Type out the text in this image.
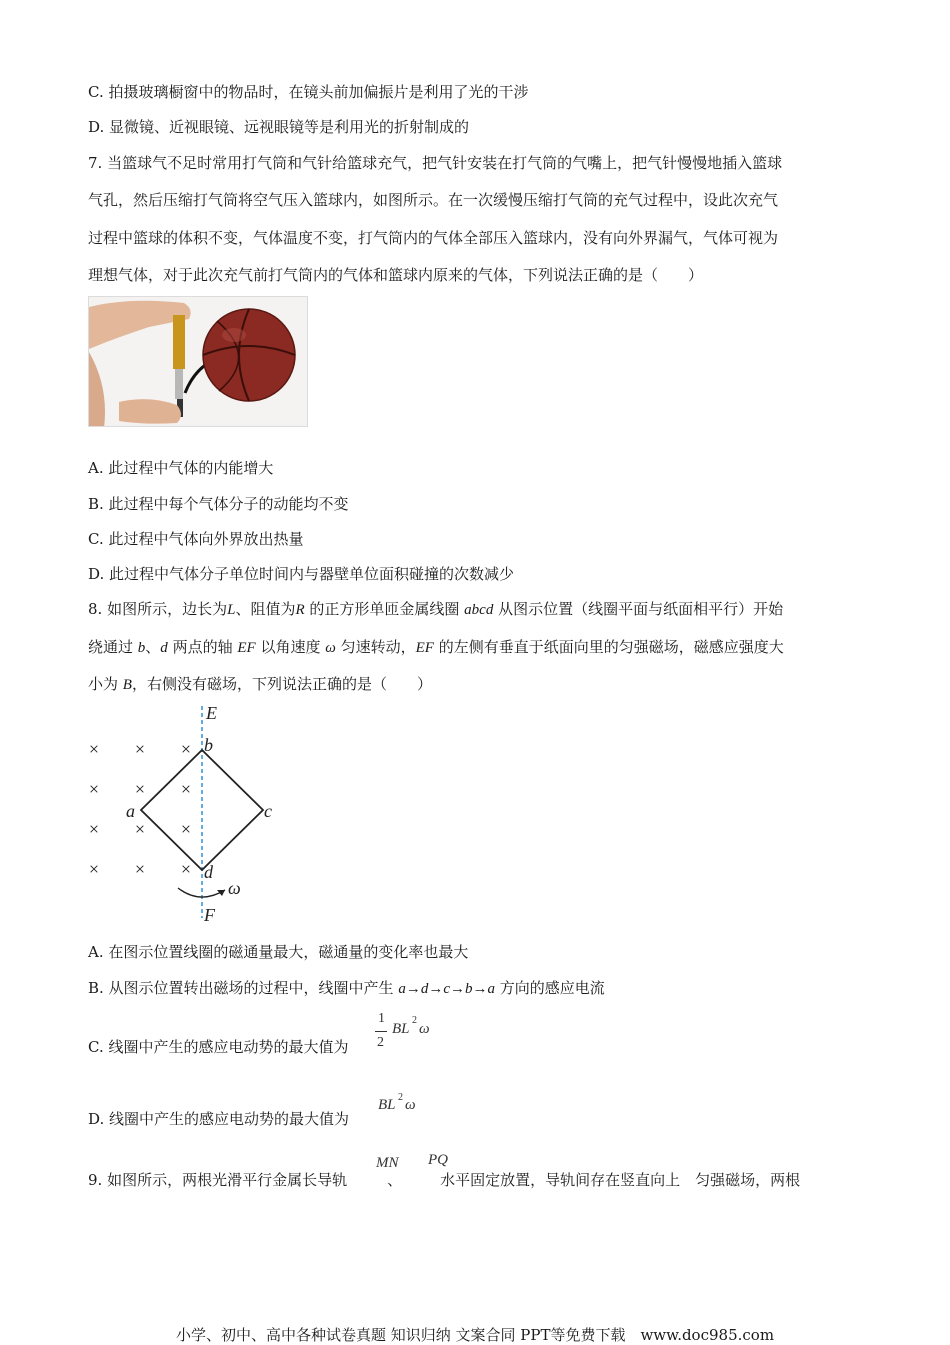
C. 拍摄玻璃橱窗中的物品时，在镜头前加偏振片是利用了光的干涉
D. 显微镜、近视眼镜、远视眼镜等是利用光的折射制成的
7. 当篮球气不足时常用打气筒和气针给篮球充气，把气针安装在打气筒的气嘴上，把气针慢慢地插入篮球
气孔，然后压缩打气筒将空气压入篮球内，如图所示。在一次缓慢压缩打气筒的充气过程中，设此次充气
过程中篮球的体积不变，气体温度不变，打气筒内的气体全部压入篮球内，没有向外界漏气，气体可视为
理想气体，对于此次充气前打气筒内的气体和篮球内原来的气体，下列说法正确的是（　　）
A. 此过程中气体的内能增大
B. 此过程中每个气体分子的动能均不变
C. 此过程中气体向外界放出热量
D. 此过程中气体分子单位时间内与器壁单位面积碰撞的次数减少
8. 如图所示，边长为L、阻值为R 的正方形单匝金属线圈 abcd 从图示位置（线圈平面与纸面相平行）开始
绕通过 b、d 两点的轴 EF 以角速度 ω 匀速转动，EF 的左侧有垂直于纸面向里的匀强磁场，磁感应强度大
小为 B，右侧没有磁场，下列说法正确的是（　　）
× × ×
× × ×
× × ×
× × ×
E
b
a	c
d
ω
F
A. 在图示位置线圈的磁通量最大，磁通量的变化率也最大
B. 从图示位置转出磁场的过程中，线圈中产生 a→d→c→b→a 方向的感应电流
C. 线圈中产生的感应电动势的最大值为
1
2
BL
2
ω
D. 线圈中产生的感应电动势的最大值为
BL 2 ω
9. 如图所示，两根光滑平行金属长导轨	、	水平固定放置，导轨间存在竖直向上　匀强磁场，两根
MN PQ
小学、初中、高中各种试卷真题 知识归纳 文案合同 PPT等免费下载　www.doc985.com
